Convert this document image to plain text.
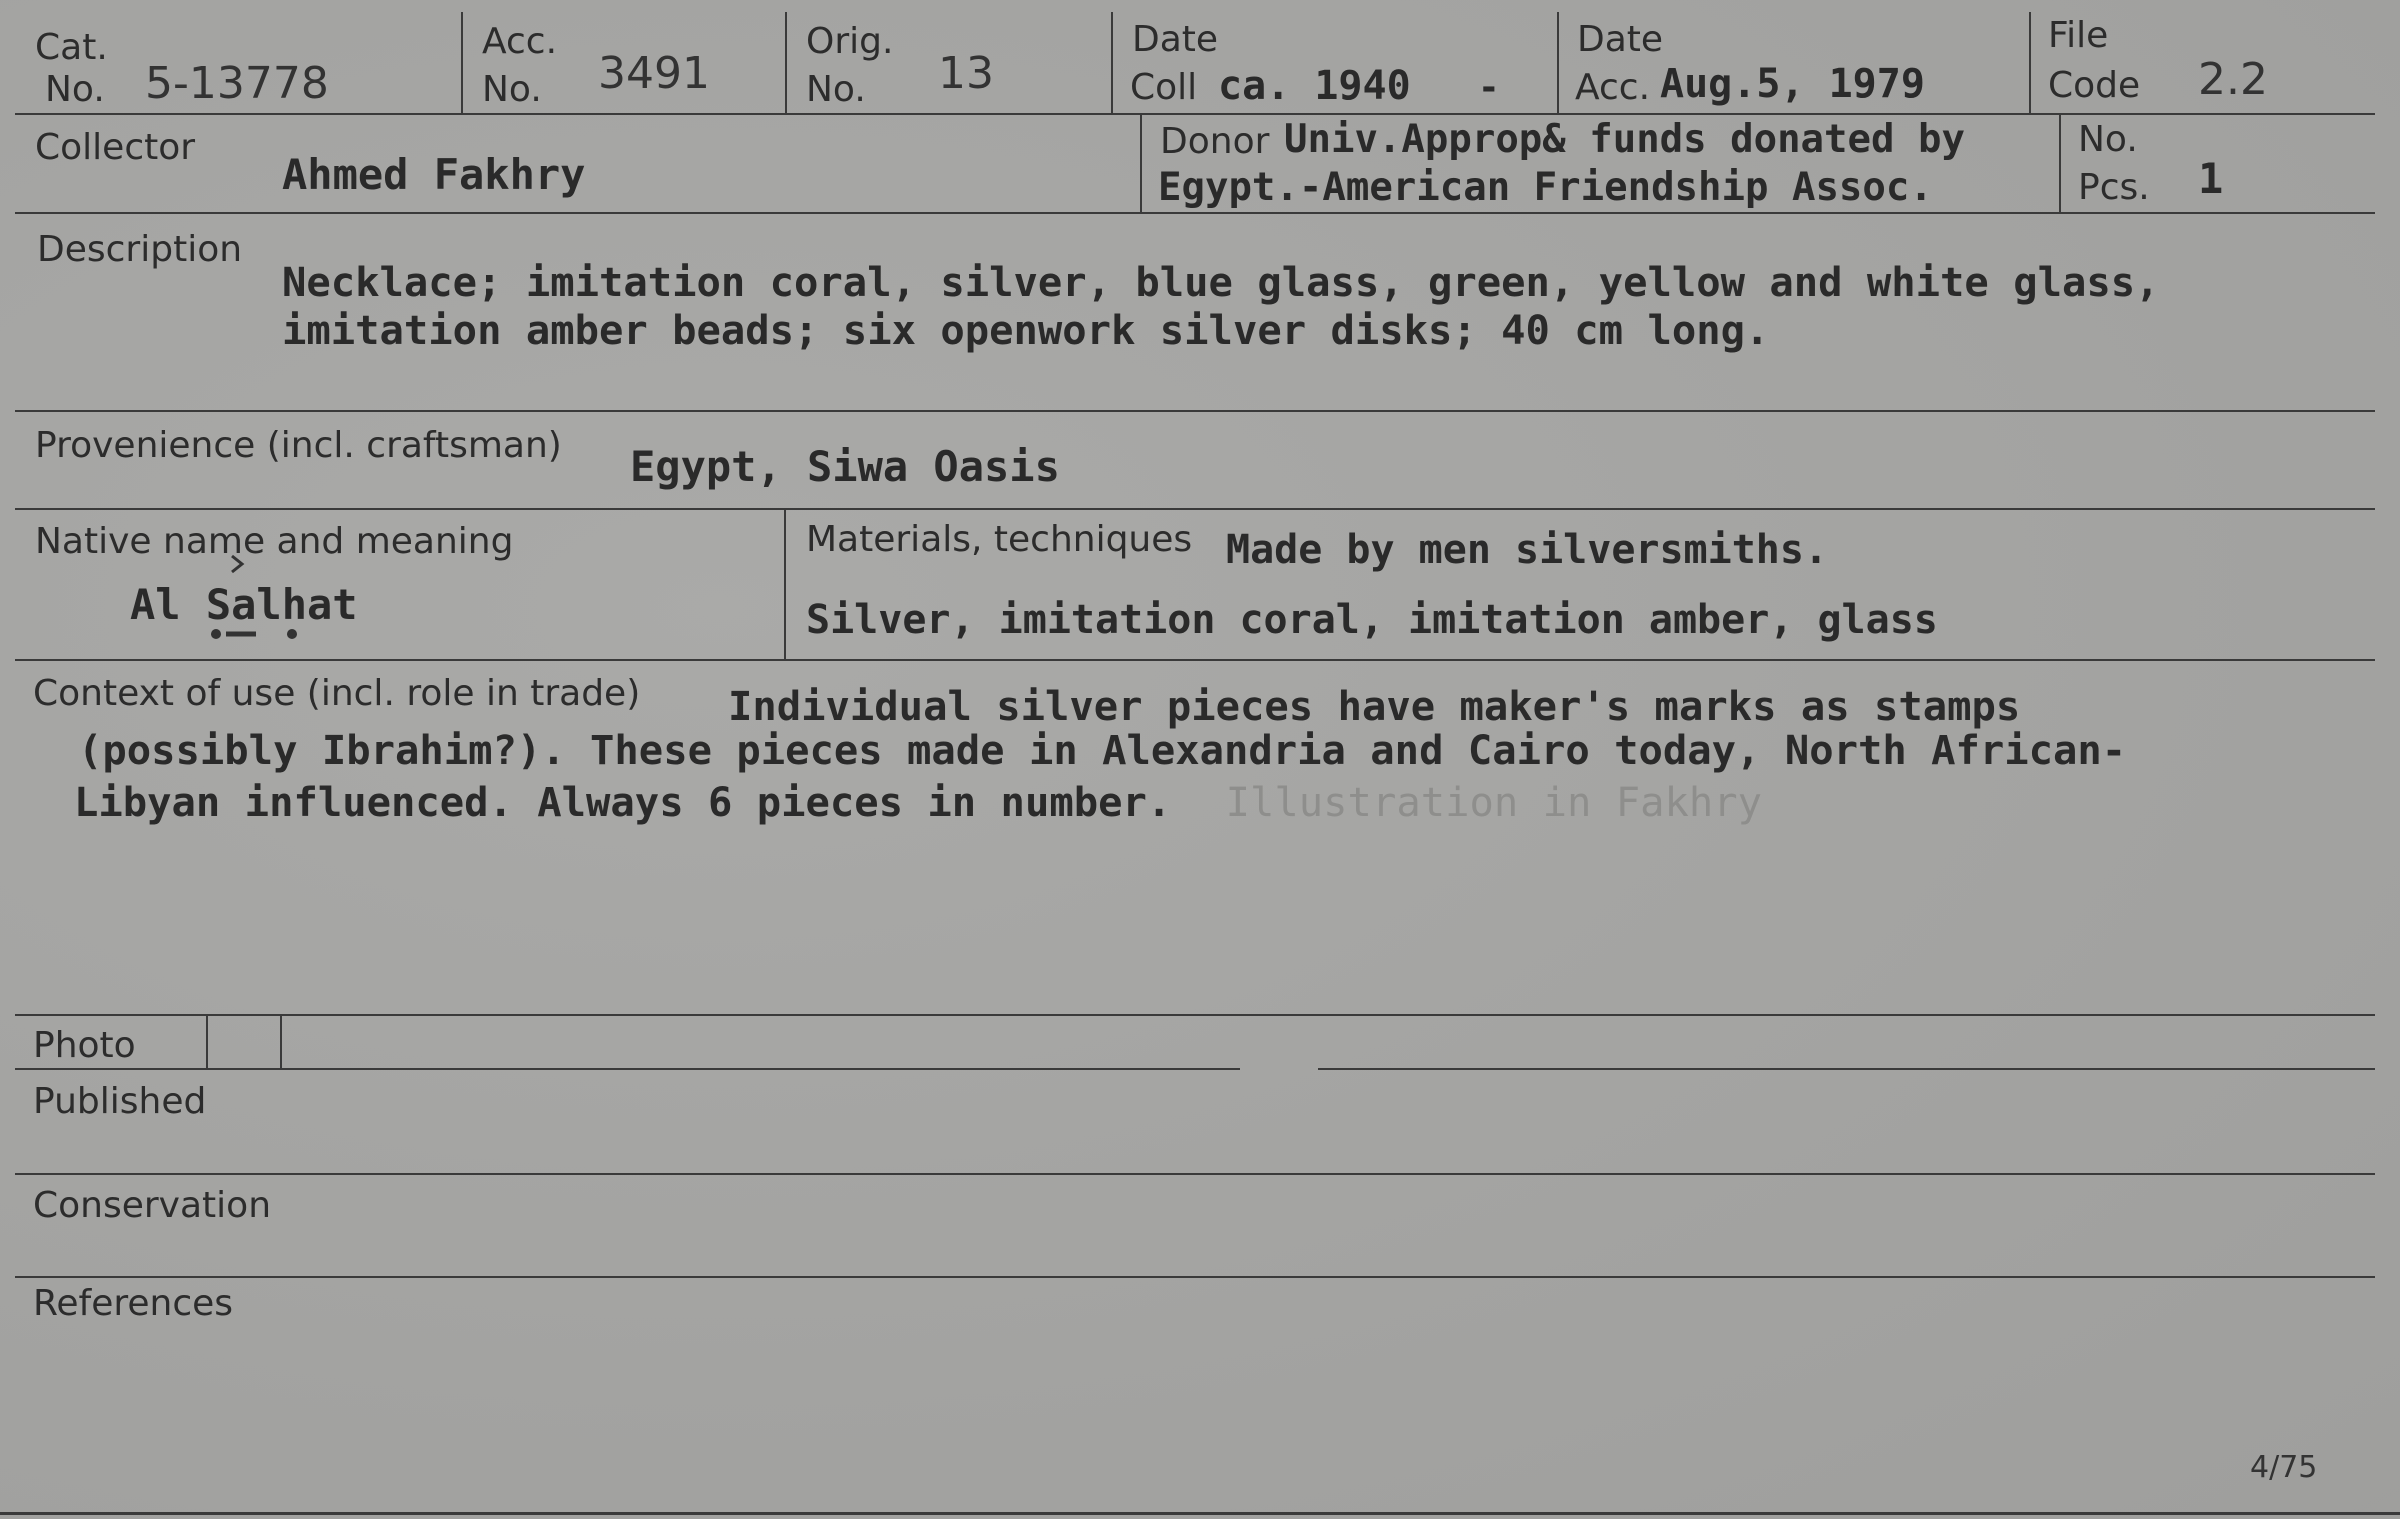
Cat.
No. 5-13778
Acc.
No. 3491
Orig.
No. 13
Date
Coll ca. 1940 -
Date
Acc. Aug.5, 1979
File
Code 2.2
Collector
Ahmed Fakhry
Donor Univ.Approp& funds donated by
Egypt.-American Friendship Assoc.
No.
Pcs. 1
Description
Necklace; imitation coral, silver, blue glass, green, yellow and white glass,
imitation amber beads; six openwork silver disks; 40 cm long.
Provenience (incl. craftsman) Egypt, Siwa Oasis
Native name and meaning
Al Salhat
Materials, techniques Made by men silversmiths.
Silver, imitation coral, imitation amber, glass
Context of use (incl. role in trade) Individual silver pieces have maker's marks as stamps
(possibly Ibrahim?). These pieces made in Alexandria and Cairo today, North African-
Libyan influenced. Always 6 pieces in number. Illustration in Fakhry
Photo
Published
Conservation
References
4/75
